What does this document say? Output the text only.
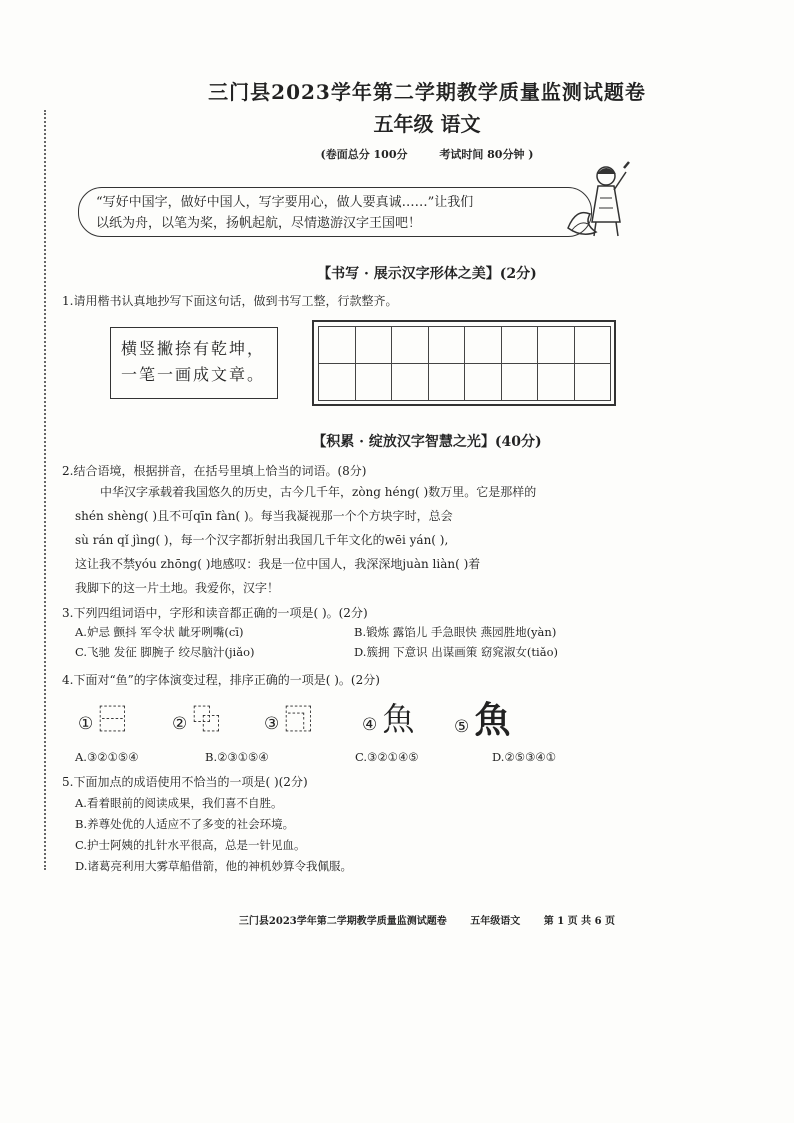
三门县2023学年第二学期教学质量监测试题卷
五年级 语文
(卷面总分 100分	考试时间 80分钟 )
“写好中国字，做好中国人，写字要用心，做人要真诚……”让我们
以纸为舟，以笔为桨，扬帆起航，尽情遨游汉字王国吧！
【书写 · 展示汉字形体之美】(2分)
1.请用楷书认真地抄写下面这句话，做到书写工整，行款整齐。
横竖撇捺有乾坤，
一笔一画成文章。
【积累 · 绽放汉字智慧之光】(40分)
2.结合语境，根据拼音，在括号里填上恰当的词语。(8分)
中华汉字承载着我国悠久的历史，古今几千年，zòng héng( )数万里。它是那样的
shén shèng( )且不可qīn fàn( )。每当我凝视那一个个方块字时，总会
sù rán qǐ jìng( )，每一个汉字都折射出我国几千年文化的wēi yán( ),
这让我不禁yóu zhōng( )地感叹：我是一位中国人，我深深地juàn liàn( )着
我脚下的这一片土地。我爱你，汉字！
3.下列四组词语中，字形和读音都正确的一项是( )。(2分)
A.妒忌 颤抖 军令状 龇牙咧嘴(cī)	B.锻炼 露馅儿 手急眼快 燕园胜地(yàn)
C.飞驰 发征 脚腕子 绞尽脑汁(jiǎo)	D.簇拥 下意识 出谋画策 窈窕淑女(tiǎo)
4.下面对“鱼”的字体演变过程，排序正确的一项是( )。(2分)
① ⿱	② ⿻	③ ⿹	④ 魚 ⑤ 魚
A.③②①⑤④	B.②③①⑤④	C.③②①④⑤	D.②⑤③④①
5.下面加点的成语使用不恰当的一项是( )(2分)
A.看着眼前的阅读成果，我们喜不自胜。
B.养尊处优的人适应不了多变的社会环境。
C.护士阿姨的扎针水平很高，总是一针见血。
D.诸葛亮利用大雾草船借箭，他的神机妙算令我佩服。
三门县2023学年第二学期教学质量监测试题卷 五年级语文 第 1 页 共 6 页
